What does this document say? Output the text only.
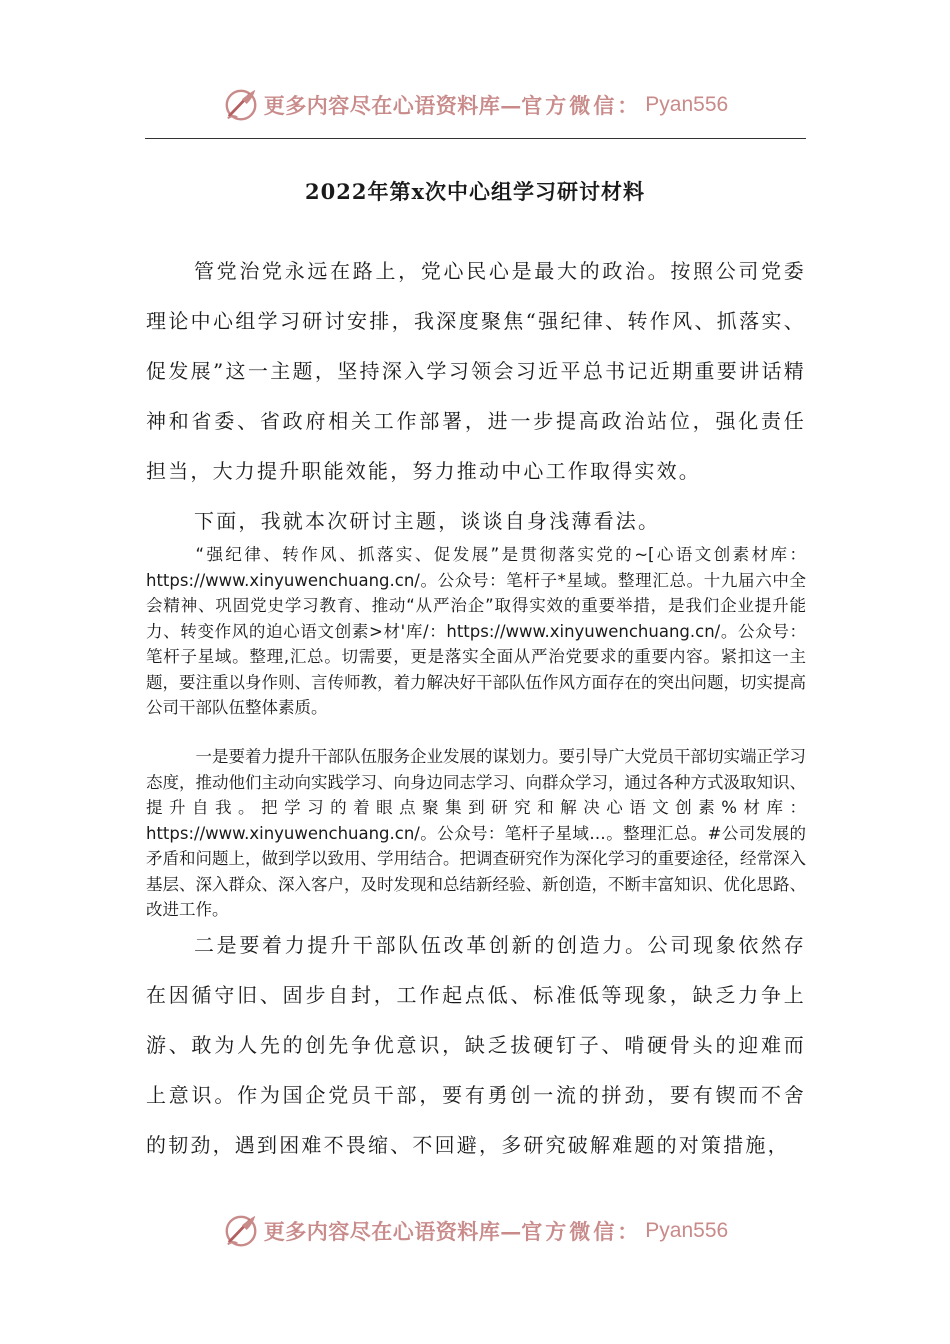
更多内容尽在心语资料库 — 官方微信： Pyan556
2022年第x次中心组学习研讨材料

管党治党永远在路上，党心民心是最大的政治。按照公司党委理论中心组学习研讨安排，我深度聚焦“强纪律、转作风、抓落实、促发展”这一主题，坚持深入学习领会习近平总书记近期重要讲话精神和省委、省政府相关工作部署，进一步提高政治站位，强化责任担当，大力提升职能效能，努力推动中心工作取得实效。

下面，我就本次研讨主题，谈谈自身浅薄看法。

“强纪律、转作风、抓落实、促发展”是贯彻落实党的~[心语文创素材库：https://www.xinyuwenchuang.cn/。公众号：笔杆子*星域。整理汇总。十九届六中全会精神、巩固党史学习教育、推动“从严治企”取得实效的重要举措，是我们企业提升能力、转变作风的迫心语文创素>材'库/：https://www.xinyuwenchuang.cn/。公众号：笔杆子星域。整理,汇总。切需要，更是落实全面从严治党要求的重要内容。紧扣这一主题，要注重以身作则、言传师教，着力解决好干部队伍作风方面存在的突出问题，切实提高公司干部队伍整体素质。

一是要着力提升干部队伍服务企业发展的谋划力。要引导广大党员干部切实端正学习态度，推动他们主动向实践学习、向身边同志学习、向群众学习，通过各种方式汲取知识、提升自我。把学习的着眼点聚集到研究和解决心语文创素%材库：https://www.xinyuwenchuang.cn/。公众号：笔杆子星域…。整理汇总。#公司发展的矛盾和问题上，做到学以致用、学用结合。把调查研究作为深化学习的重要途径，经常深入基层、深入群众、深入客户，及时发现和总结新经验、新创造，不断丰富知识、优化思路、改进工作。

二是要着力提升干部队伍改革创新的创造力。公司现象依然存在因循守旧、固步自封，工作起点低、标准低等现象，缺乏力争上游、敢为人先的创先争优意识，缺乏拔硬钉子、啃硬骨头的迎难而上意识。作为国企党员干部，要有勇创一流的拼劲，要有锲而不舍的韧劲，遇到困难不畏缩、不回避，多研究破解难题的对策措施，

更多内容尽在心语资料库 — 官方微信： Pyan556
